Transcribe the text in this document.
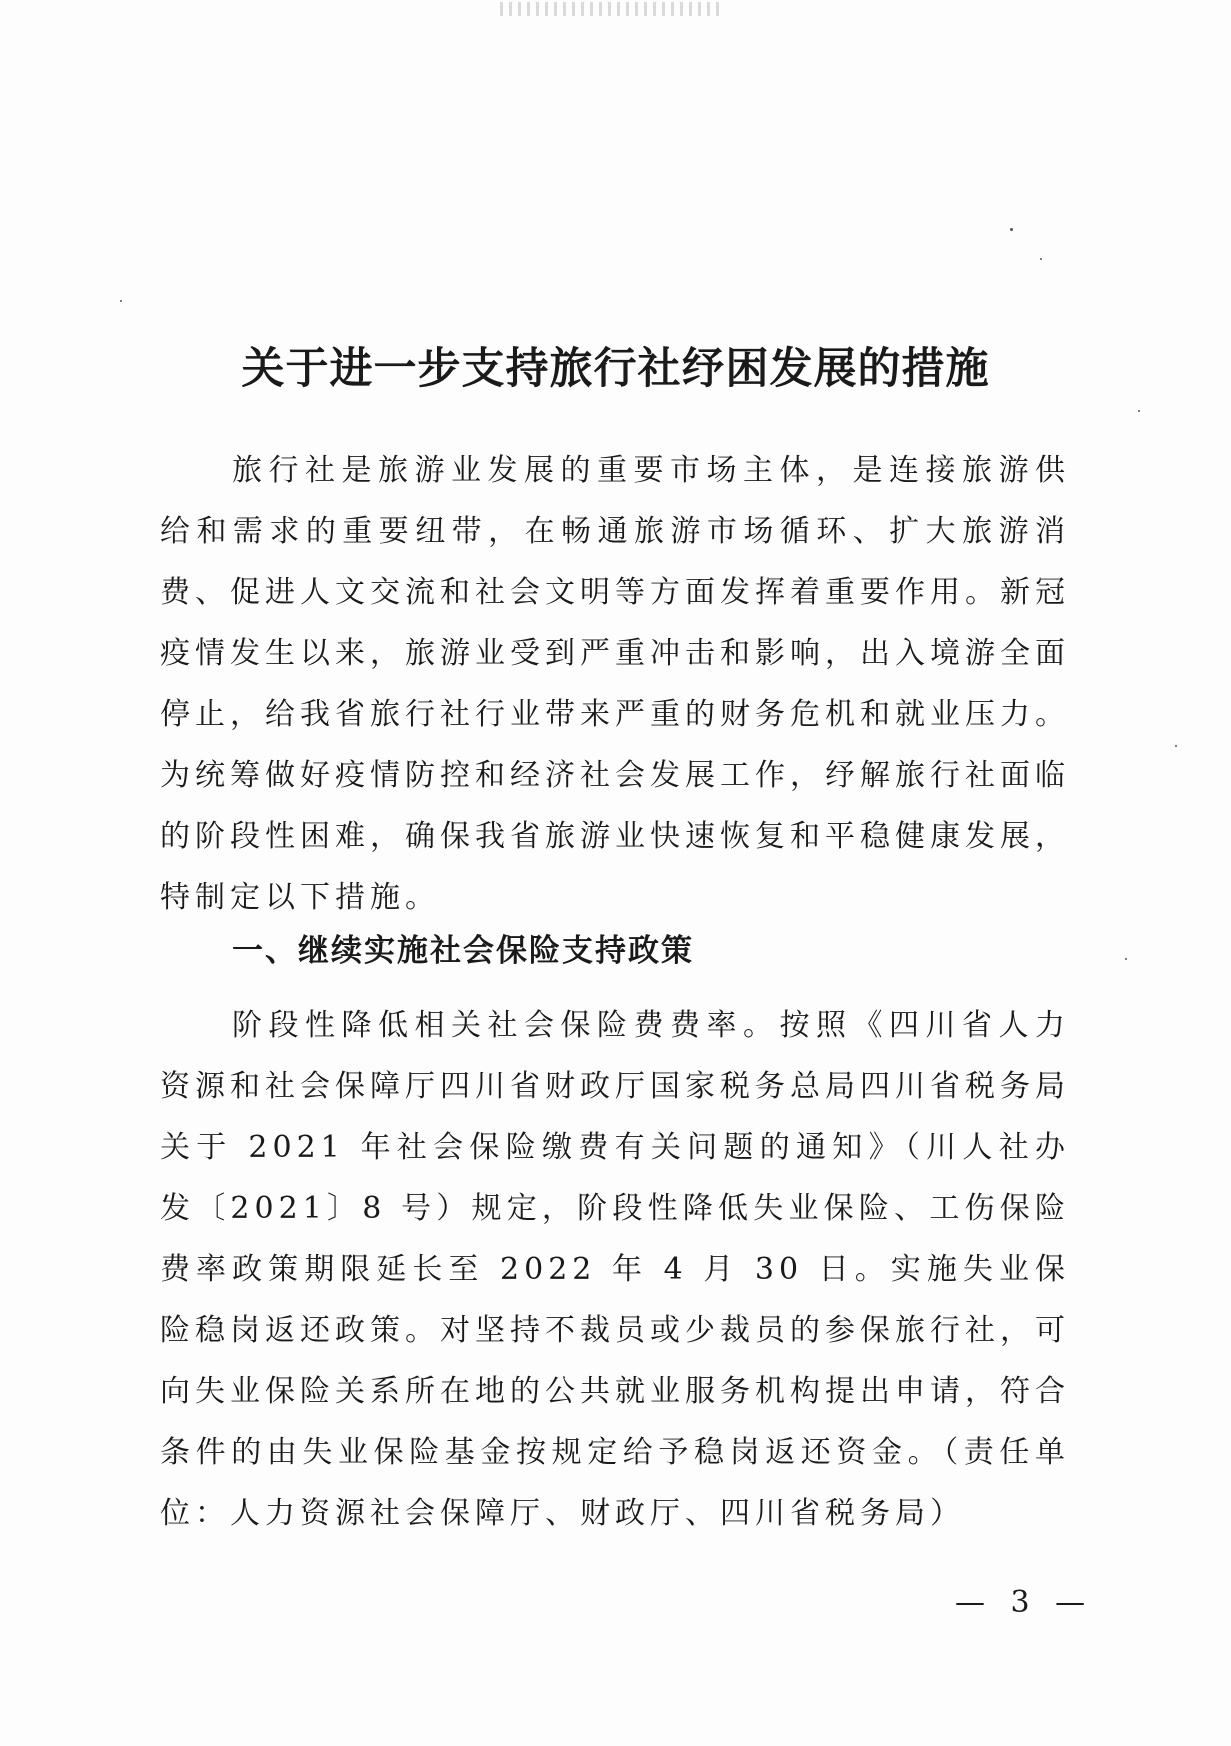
关于进一步支持旅行社纾困发展的措施

旅行社是旅游业发展的重要市场主体，是连接旅游供给和需求的重要纽带，在畅通旅游市场循环、扩大旅游消费、促进人文交流和社会文明等方面发挥着重要作用。新冠疫情发生以来，旅游业受到严重冲击和影响，出入境游全面停止，给我省旅行社行业带来严重的财务危机和就业压力。为统筹做好疫情防控和经济社会发展工作，纾解旅行社面临的阶段性困难，确保我省旅游业快速恢复和平稳健康发展，特制定以下措施。

一、继续实施社会保险支持政策

阶段性降低相关社会保险费费率。按照《四川省人力资源和社会保障厅四川省财政厅国家税务总局四川省税务局关于 2021 年社会保险缴费有关问题的通知》（川人社办发〔2021〕8 号）规定，阶段性降低失业保险、工伤保险费率政策期限延长至 2022 年 4 月 30 日。实施失业保险稳岗返还政策。对坚持不裁员或少裁员的参保旅行社，可向失业保险关系所在地的公共就业服务机构提出申请，符合条件的由失业保险基金按规定给予稳岗返还资金。（责任单位：人力资源社会保障厅、财政厅、四川省税务局）

— 3 —
